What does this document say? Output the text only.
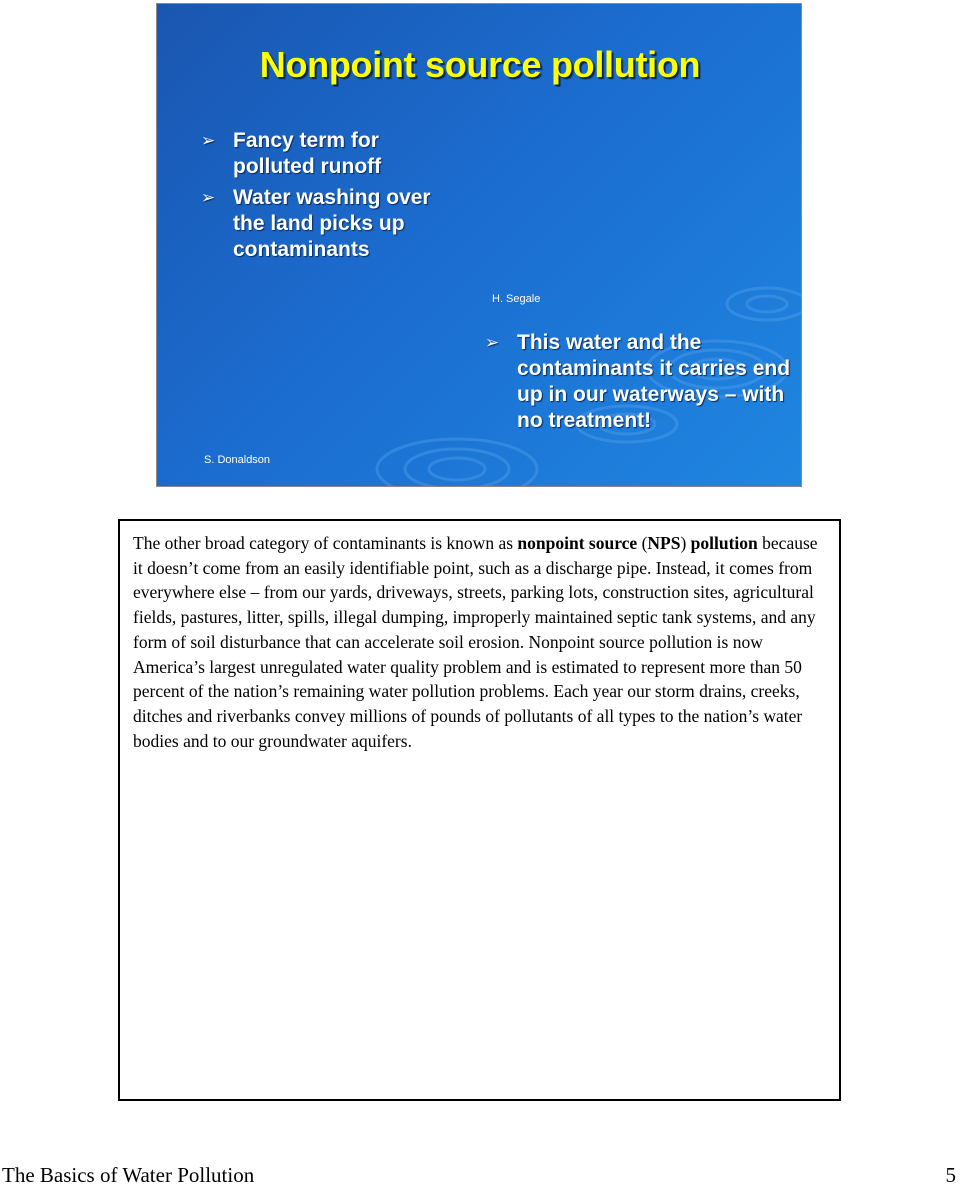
Nonpoint source pollution
➢ Fancy term for polluted runoff
➢ Water washing over the land picks up contaminants
H. Segale
➢ This water and the contaminants it carries end up in our waterways – with no treatment!
S. Donaldson

The other broad category of contaminants is known as nonpoint source (NPS) pollution because it doesn’t come from an easily identifiable point, such as a discharge pipe. Instead, it comes from everywhere else – from our yards, driveways, streets, parking lots, construction sites, agricultural fields, pastures, litter, spills, illegal dumping, improperly maintained septic tank systems, and any form of soil disturbance that can accelerate soil erosion. Nonpoint source pollution is now America’s largest unregulated water quality problem and is estimated to represent more than 50 percent of the nation’s remaining water pollution problems. Each year our storm drains, creeks, ditches and riverbanks convey millions of pounds of pollutants of all types to the nation’s water bodies and to our groundwater aquifers.

The Basics of Water Pollution	5
